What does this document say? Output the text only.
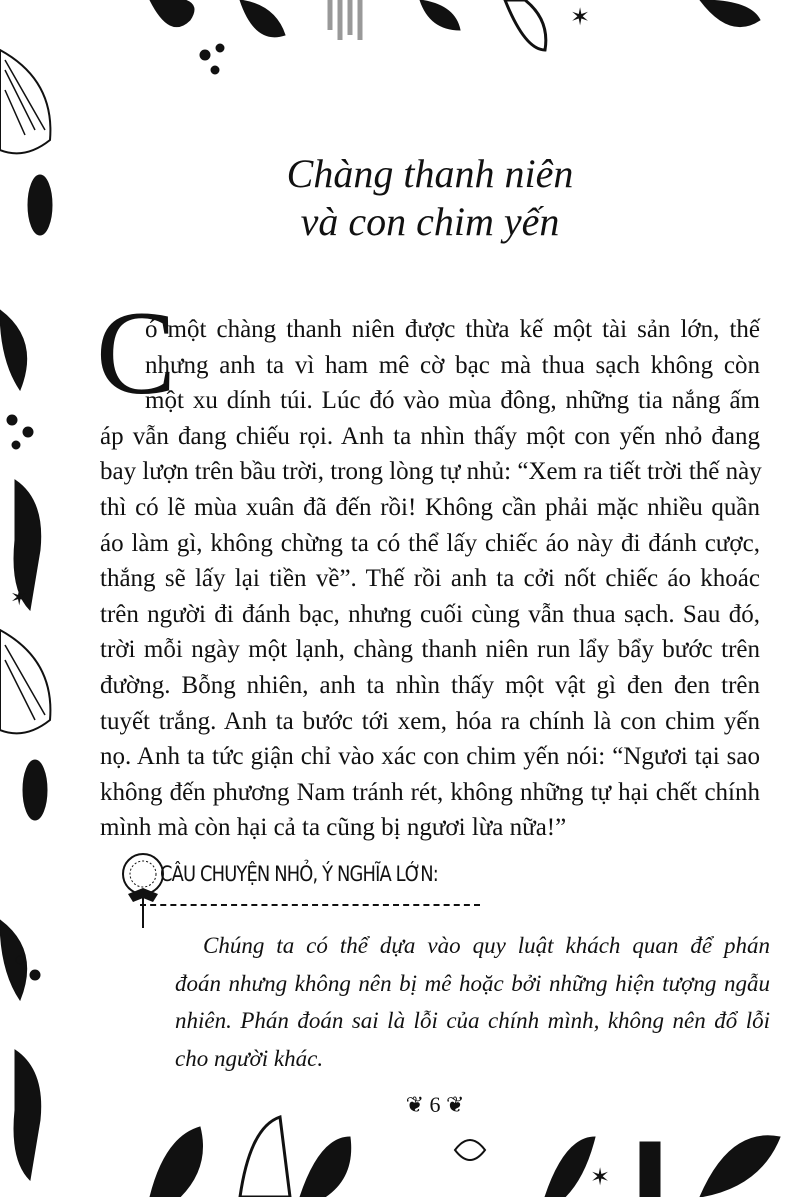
✶
✶
✶
Chàng thanh niên
và con chim yến
C
ó một chàng thanh niên được thừa kế một tài sản lớn, thế
nhưng anh ta vì ham mê cờ bạc mà thua sạch không còn
một xu dính túi. Lúc đó vào mùa đông, những tia nắng ấm
áp vẫn đang chiếu rọi. Anh ta nhìn thấy một con yến nhỏ đang
bay lượn trên bầu trời, trong lòng tự nhủ: “Xem ra tiết trời thế này
thì có lẽ mùa xuân đã đến rồi! Không cần phải mặc nhiều quần
áo làm gì, không chừng ta có thể lấy chiếc áo này đi đánh cược,
thắng sẽ lấy lại tiền về”. Thế rồi anh ta cởi nốt chiếc áo khoác
trên người đi đánh bạc, nhưng cuối cùng vẫn thua sạch. Sau đó,
trời mỗi ngày một lạnh, chàng thanh niên run lẩy bẩy bước trên
đường. Bỗng nhiên, anh ta nhìn thấy một vật gì đen đen trên
tuyết trắng. Anh ta bước tới xem, hóa ra chính là con chim yến
nọ. Anh ta tức giận chỉ vào xác con chim yến nói: “Ngươi tại sao
không đến phương Nam tránh rét, không những tự hại chết chính
mình mà còn hại cả ta cũng bị ngươi lừa nữa!”
CÂU CHUYỆN NHỎ, Ý NGHĨA LỚN:
Chúng ta có thể dựa vào quy luật khách quan để phán
đoán nhưng không nên bị mê hoặc bởi những hiện tượng ngẫu
nhiên. Phán đoán sai là lỗi của chính mình, không nên đổ lỗi
cho người khác.
❦ 6 ❦
